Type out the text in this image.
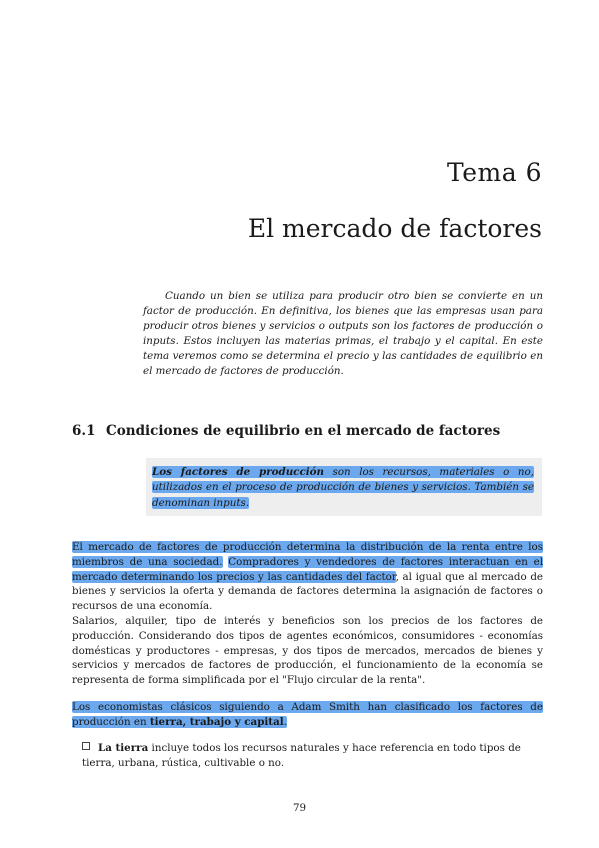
Tema 6
El mercado de factores

Cuando un bien se utiliza para producir otro bien se convierte en un factor de producción. En definitiva, los bienes que las empresas usan para producir otros bienes y servicios o outputs son los factores de producción o inputs. Estos incluyen las materias primas, el trabajo y el capital. En este tema veremos como se determina el precio y las cantidades de equilibrio en el mercado de factores de producción.

6.1 Condiciones de equilibrio en el mercado de factores

Los factores de producción son los recursos, materiales o no, utilizados en el proceso de producción de bienes y servicios. También se denominan inputs.

El mercado de factores de producción determina la distribución de la renta entre los miembros de una sociedad. Compradores y vendedores de factores interactuan en el mercado determinando los precios y las cantidades del factor, al igual que al mercado de bienes y servicios la oferta y demanda de factores determina la asignación de factores o recursos de una economía.

Salarios, alquiler, tipo de interés y beneficios son los precios de los factores de producción. Considerando dos tipos de agentes económicos, consumidores - economías domésticas y productores - empresas, y dos tipos de mercados, mercados de bienes y servicios y mercados de factores de producción, el funcionamiento de la economía se representa de forma simplificada por el "Flujo circular de la renta".

Los economistas clásicos siguiendo a Adam Smith han clasificado los factores de producción en tierra, trabajo y capital.

La tierra incluye todos los recursos naturales y hace referencia en todo tipos de tierra, urbana, rústica, cultivable o no.
79
